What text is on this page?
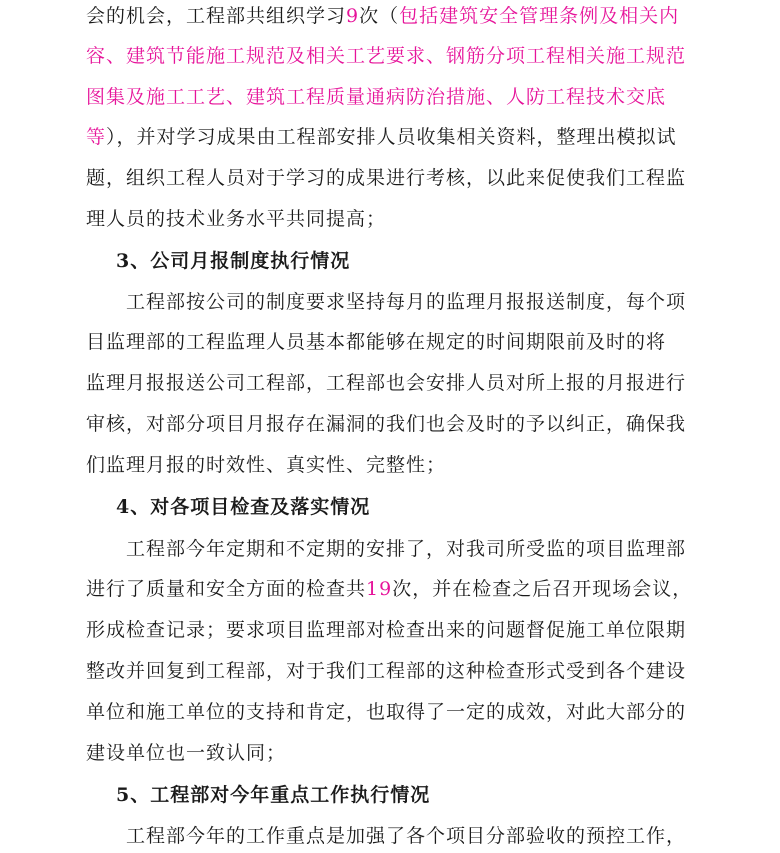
会的机会，工程部共组织学习9次（包括建筑安全管理条例及相关内
容、建筑节能施工规范及相关工艺要求、钢筋分项工程相关施工规范
图集及施工工艺、建筑工程质量通病防治措施、人防工程技术交底
等），并对学习成果由工程部安排人员收集相关资料，整理出模拟试
题，组织工程人员对于学习的成果进行考核，以此来促使我们工程监
理人员的技术业务水平共同提高；
3、公司月报制度执行情况
工程部按公司的制度要求坚持每月的监理月报报送制度，每个项
目监理部的工程监理人员基本都能够在规定的时间期限前及时的将
监理月报报送公司工程部，工程部也会安排人员对所上报的月报进行
审核，对部分项目月报存在漏洞的我们也会及时的予以纠正，确保我
们监理月报的时效性、真实性、完整性；
4、对各项目检查及落实情况
工程部今年定期和不定期的安排了，对我司所受监的项目监理部
进行了质量和安全方面的检查共19次，并在检查之后召开现场会议，
形成检查记录；要求项目监理部对检查出来的问题督促施工单位限期
整改并回复到工程部，对于我们工程部的这种检查形式受到各个建设
单位和施工单位的支持和肯定，也取得了一定的成效，对此大部分的
建设单位也一致认同；
5、工程部对今年重点工作执行情况
工程部今年的工作重点是加强了各个项目分部验收的预控工作，
